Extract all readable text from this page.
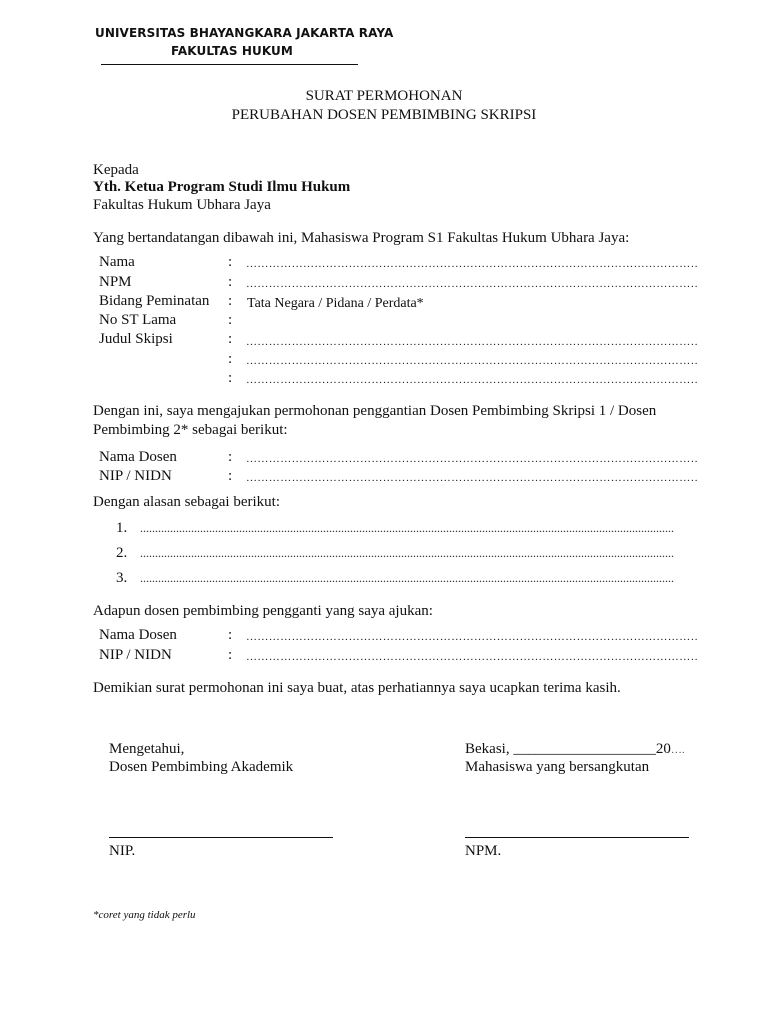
UNIVERSITAS BHAYANGKARA JAKARTA RAYA
FAKULTAS HUKUM
SURAT PERMOHONAN
PERUBAHAN DOSEN PEMBIMBING SKRIPSI
Kepada
Yth. Ketua Program Studi Ilmu Hukum
Fakultas Hukum Ubhara Jaya
Yang bertandatangan dibawah ini, Mahasiswa Program S1 Fakultas Hukum Ubhara Jaya:
Nama	:
…………………………………………………………………………………………………………………………………………………………………………
NPM	:
…………………………………………………………………………………………………………………………………………………………………………
Bidang Peminatan : Tata Negara / Pidana / Perdata*
No ST Lama	:
Judul Skipsi	:
…………………………………………………………………………………………………………………………………………………………………………
:
…………………………………………………………………………………………………………………………………………………………………………
:
…………………………………………………………………………………………………………………………………………………………………………
Dengan ini, saya mengajukan permohonan penggantian Dosen Pembimbing Skripsi 1 / Dosen
Pembimbing 2* sebagai berikut:
Nama Dosen	:
…………………………………………………………………………………………………………………………………………………………………………
NIP / NIDN	:
…………………………………………………………………………………………………………………………………………………………………………
Dengan alasan sebagai berikut:
1.
.....
2.
.....
3.
.....
Adapun dosen pembimbing pengganti yang saya ajukan:
Nama Dosen	:
…………………………………………………………………………………………………………………………………………………………………………
NIP / NIDN	:
…………………………………………………………………………………………………………………………………………………………………………
Demikian surat permohonan ini saya buat, atas perhatiannya saya ucapkan terima kasih.
Mengetahui,
Dosen Pembimbing Akademik
NIP.
Bekasi, ___________________20….
Mahasiswa yang bersangkutan
NPM.
*coret yang tidak perlu
